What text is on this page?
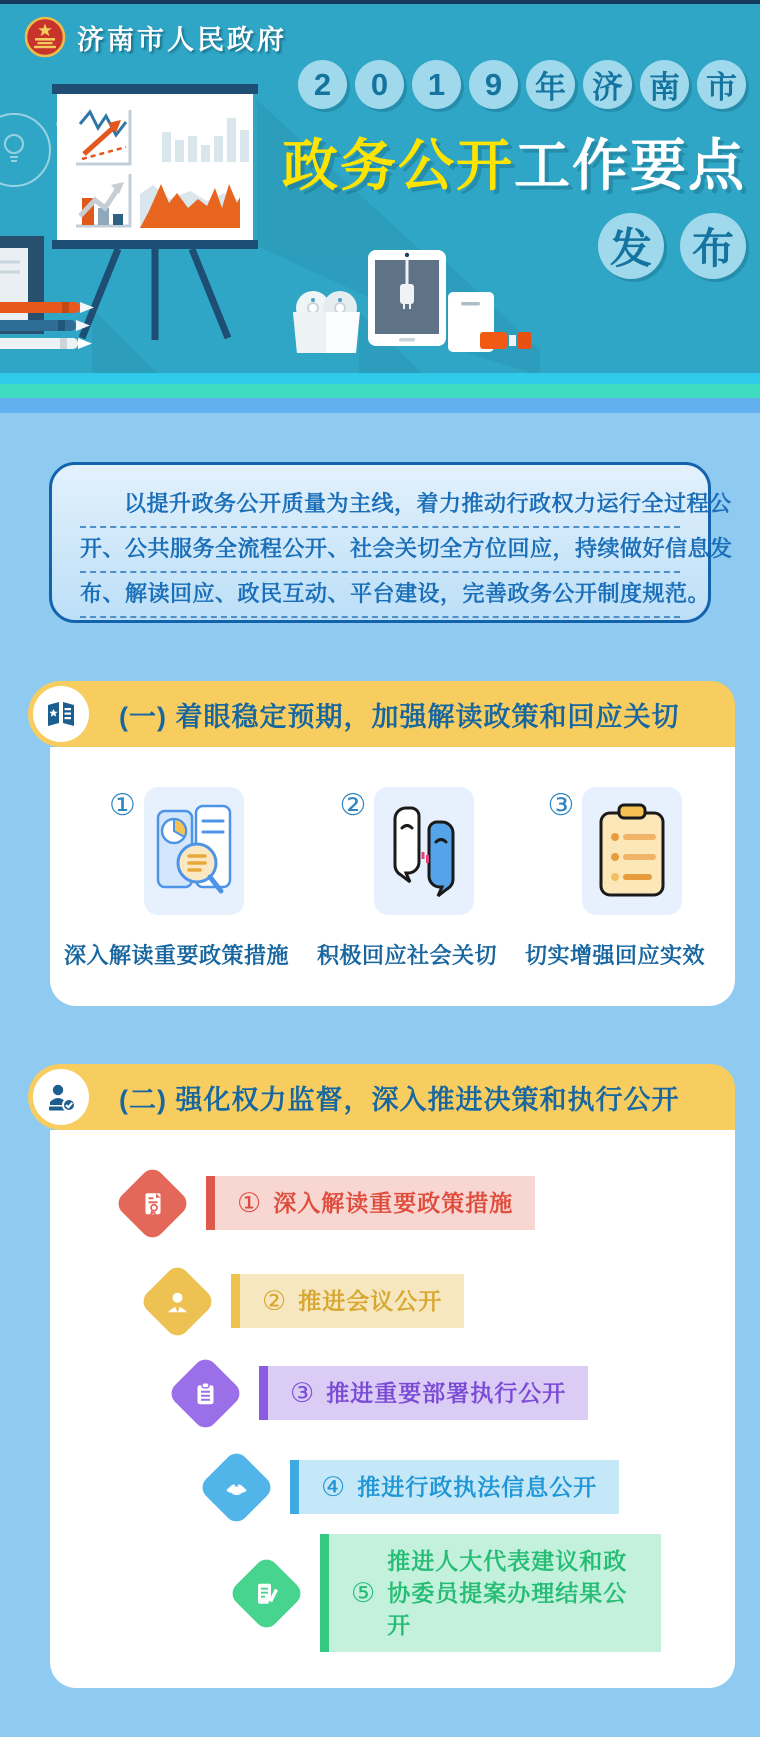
济南市人民政府
2	0	1	9	年 济 南 市
政务公开工作要点
发 布

以提升政务公开质量为主线，着力推动行政权力运行全过程公

开、公共服务全流程公开、社会关切全方位回应，持续做好信息发

布、解读回应、政民互动、平台建设，完善政务公开制度规范。

(一) 着眼稳定预期，加强解读政策和回应关切
①
深入解读重要政策措施
②
积极回应社会关切
③
切实增强回应实效
(二) 强化权力监督，深入推进决策和执行公开
① 深入解读重要政策措施
② 推进会议公开
③ 推进重要部署执行公开
④ 推进行政执法信息公开
⑤
推进人大代表建议和政协委员提案办理结果公开
